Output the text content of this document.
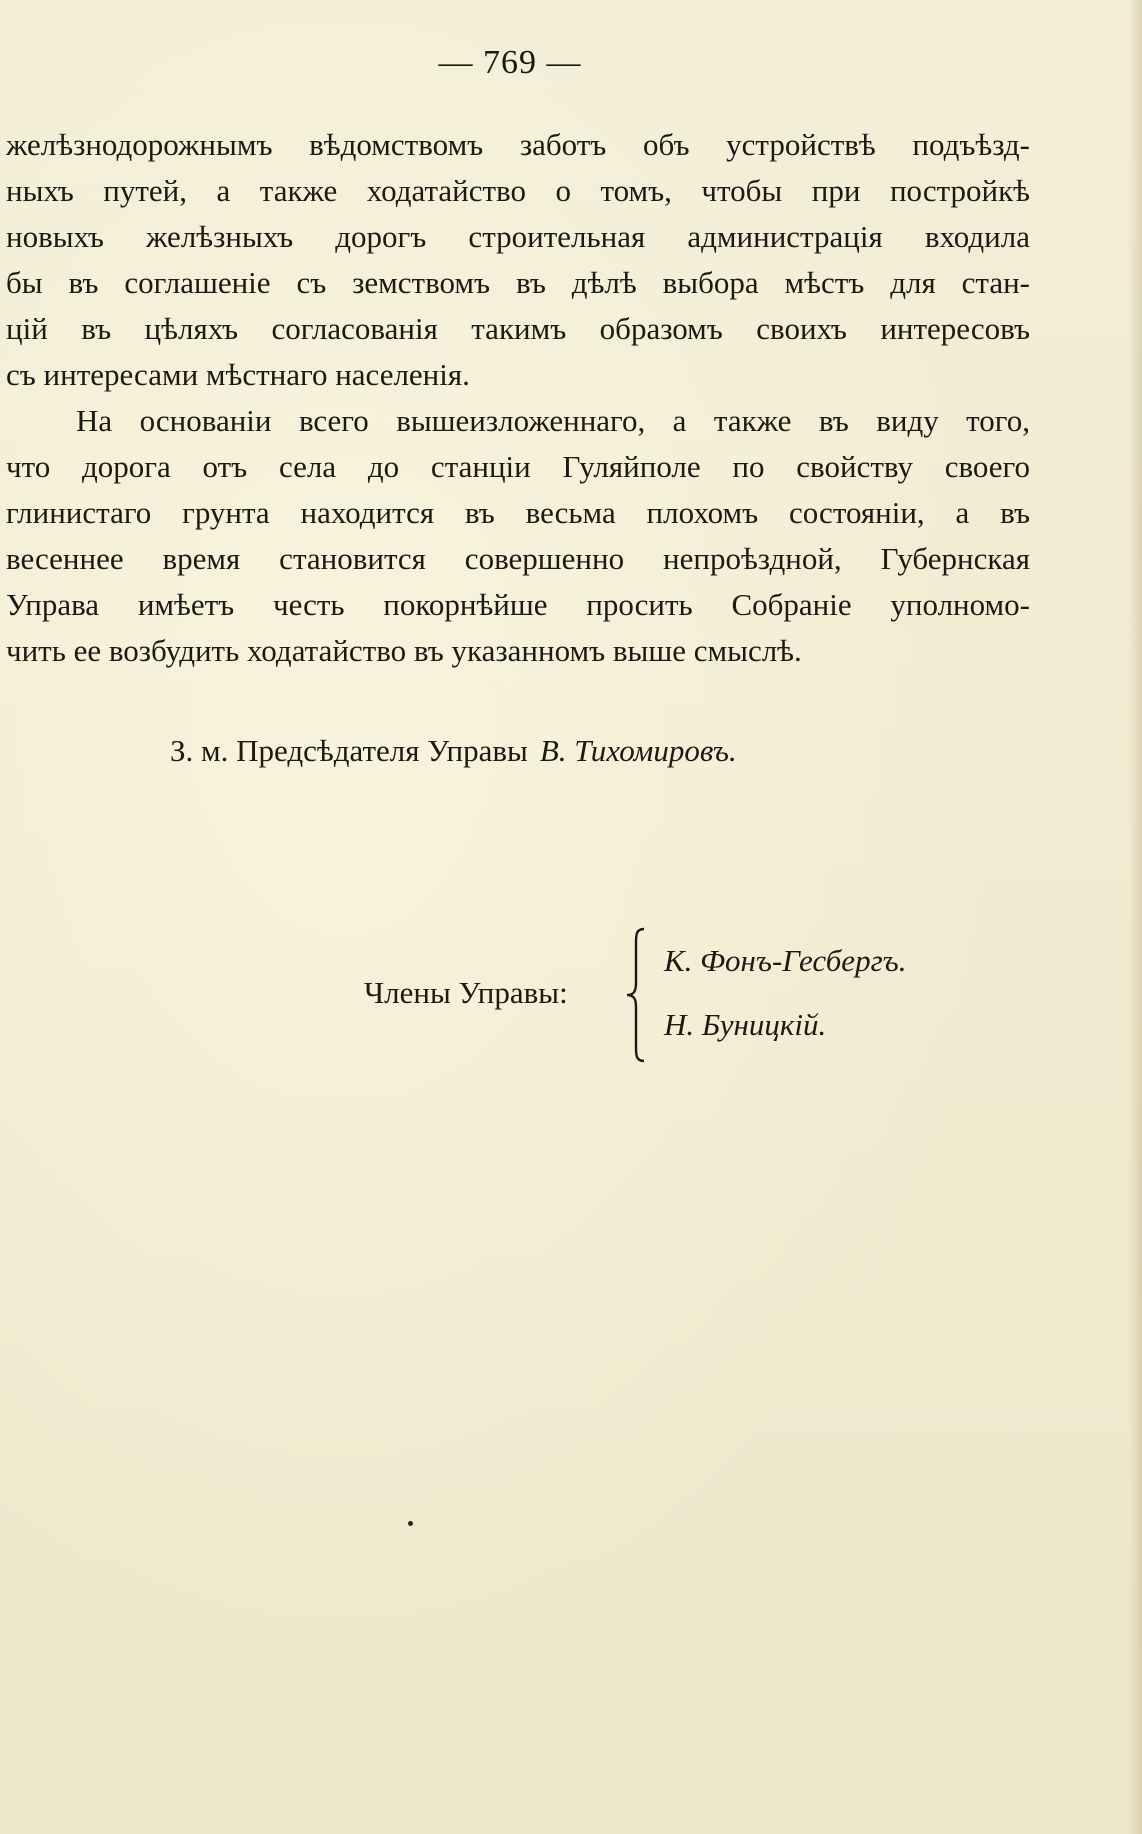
— 769 —
желѣзнодорожнымъ вѣдомствомъ заботъ объ устройствѣ подъѣзд-
ныхъ путей, а также ходатайство о томъ, чтобы при постройкѣ
новыхъ желѣзныхъ дорогъ строительная администрація входила
бы въ соглашеніе съ земствомъ въ дѣлѣ выбора мѣстъ для стан-
цій въ цѣляхъ согласованія такимъ образомъ своихъ интересовъ
съ интересами мѣстнаго населенія.
На основаніи всего вышеизложеннаго, а также въ виду того,
что дорога отъ села до станціи Гуляйполе по свойству своего
глинистаго грунта находится въ весьма плохомъ состояніи, а въ
весеннее время становится совершенно непроѣздной, Губернская
Управа имѣетъ честь покорнѣйше просить Собраніе уполномо-
чить ее возбудить ходатайство въ указанномъ выше смыслѣ.
З. м. Предсѣдателя Управы В. Тихомировъ.
Члены Управы:
К. Фонъ-Гесбергъ.
Н. Буницкій.
